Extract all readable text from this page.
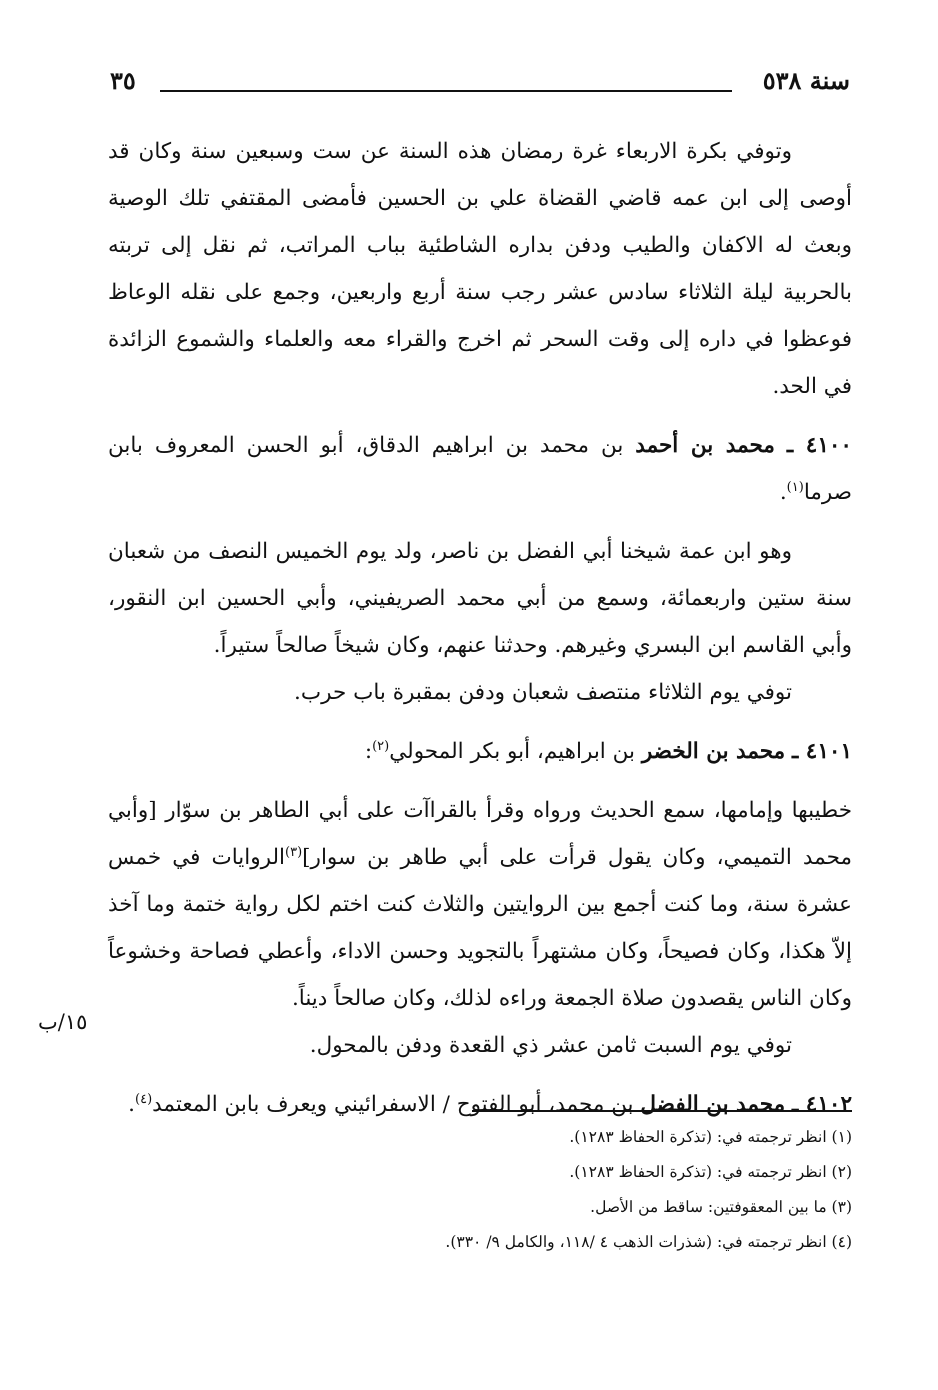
سنة ٥٣٨
٣٥

وتوفي بكرة الاربعاء غرة رمضان هذه السنة عن ست وسبعين سنة وكان قد أوصى إلى ابن عمه قاضي القضاة علي بن الحسين فأمضى المقتفي تلك الوصية وبعث له الاكفان والطيب ودفن بداره الشاطئية بباب المراتب، ثم نقل إلى تربته بالحربية ليلة الثلاثاء سادس عشر رجب سنة أربع واربعين، وجمع على نقله الوعاظ فوعظوا في داره إلى وقت السحر ثم اخرج والقراء معه والعلماء والشموع الزائدة في الحد.

٤١٠٠ ـ محمد بن أحمد بن محمد بن ابراهيم الدقاق، أبو الحسن المعروف بابن صرما$^{(١)}$.

وهو ابن عمة شيخنا أبي الفضل بن ناصر، ولد يوم الخميس النصف من شعبان سنة ستين واربعمائة، وسمع من أبي محمد الصريفيني، وأبي الحسين ابن النقور، وأبي القاسم ابن البسري وغيرهم. وحدثنا عنهم، وكان شيخاً صالحاً ستيراً.

توفي يوم الثلاثاء منتصف شعبان ودفن بمقبرة باب حرب.

٤١٠١ ـ محمد بن الخضر بن ابراهيم، أبو بكر المحولي$^{(٢)}$:

خطيبها وإمامها، سمع الحديث ورواه وقرأ بالقراآت على أبي الطاهر بن سوّار [وأبي محمد التميمي، وكان يقول قرأت على أبي طاهر بن سوار]$^{(٣)}$الروايات في خمس عشرة سنة، وما كنت أجمع بين الروايتين والثلاث كنت اختم لكل رواية ختمة وما آخذ إلاّ هكذا، وكان فصيحاً، وكان مشتهراً بالتجويد وحسن الاداء، وأعطي فصاحة وخشوعاً وكان الناس يقصدون صلاة الجمعة وراءه لذلك، وكان صالحاً ديناً.

توفي يوم السبت ثامن عشر ذي القعدة ودفن بالمحول.

٤١٠٢ ـ محمد بن الفضل بن محمد، أبو الفتوح / الاسفرائيني ويعرف بابن المعتمد$^{(٤)}$.

١٥/ب

(١) انظر ترجمته في: (تذكرة الحفاظ ١٢٨٣).

(٢) انظر ترجمته في: (تذكرة الحفاظ ١٢٨٣).

(٣) ما بين المعقوفتين: ساقط من الأصل.

(٤) انظر ترجمته في: (شذرات الذهب ٤ /١١٨، والكامل ٩/ ٣٣٠).
